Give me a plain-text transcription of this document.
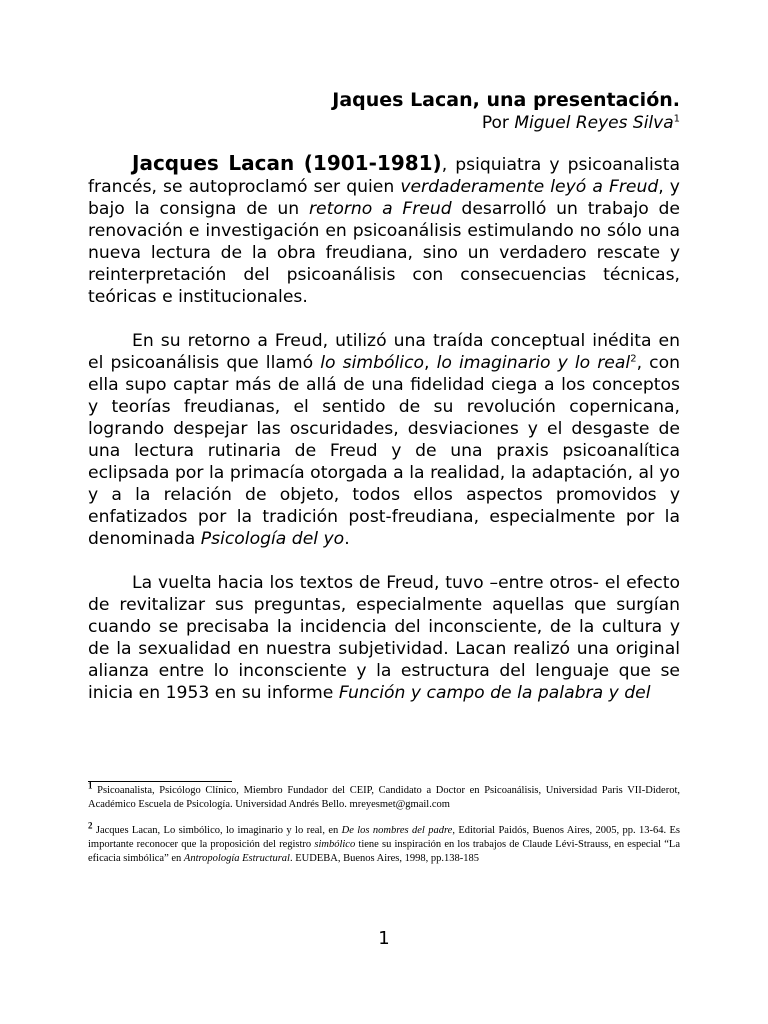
Jaques Lacan, una presentación.

Por Miguel Reyes Silva$^1$

Jacques Lacan (1901-1981), psiquiatra y psicoanalista francés, se autoproclamó ser quien verdaderamente leyó a Freud, y bajo la consigna de un retorno a Freud desarrolló un trabajo de renovación e investigación en psicoanálisis estimulando no sólo una nueva lectura de la obra freudiana, sino un verdadero rescate y reinterpretación del psicoanálisis con consecuencias técnicas, teóricas e institucionales.

En su retorno a Freud, utilizó una traída conceptual inédita en el psicoanálisis que llamó lo simbólico, lo imaginario y lo real$^2$, con ella supo captar más de allá de una fidelidad ciega a los conceptos y teorías freudianas, el sentido de su revolución copernicana, logrando despejar las oscuridades, desviaciones y el desgaste de una lectura rutinaria de Freud y de una praxis psicoanalítica eclipsada por la primacía otorgada a la realidad, la adaptación, al yo y a la relación de objeto, todos ellos aspectos promovidos y enfatizados por la tradición post-freudiana, especialmente por la denominada Psicología del yo.

La vuelta hacia los textos de Freud, tuvo –entre otros- el efecto de revitalizar sus preguntas, especialmente aquellas que surgían cuando se precisaba la incidencia del inconsciente, de la cultura y de la sexualidad en nuestra subjetividad. Lacan realizó una original alianza entre lo inconsciente y la estructura del lenguaje que se inicia en 1953 en su informe Función y campo de la palabra y del

1 Psicoanalista, Psicólogo Clínico, Miembro Fundador del CEIP, Candidato a Doctor en Psicoanálisis, Universidad Paris VII-Diderot, Académico Escuela de Psicología. Universidad Andrés Bello. mreyesmet@gmail.com

2 Jacques Lacan, Lo simbólico, lo imaginario y lo real, en De los nombres del padre, Editorial Paidós, Buenos Aires, 2005, pp. 13-64. Es importante reconocer que la proposición del registro simbólico tiene su inspiración en los trabajos de Claude Lévi-Strauss, en especial “La eficacia simbólica” en Antropología Estructural. EUDEBA, Buenos Aires, 1998, pp.138-185

1
